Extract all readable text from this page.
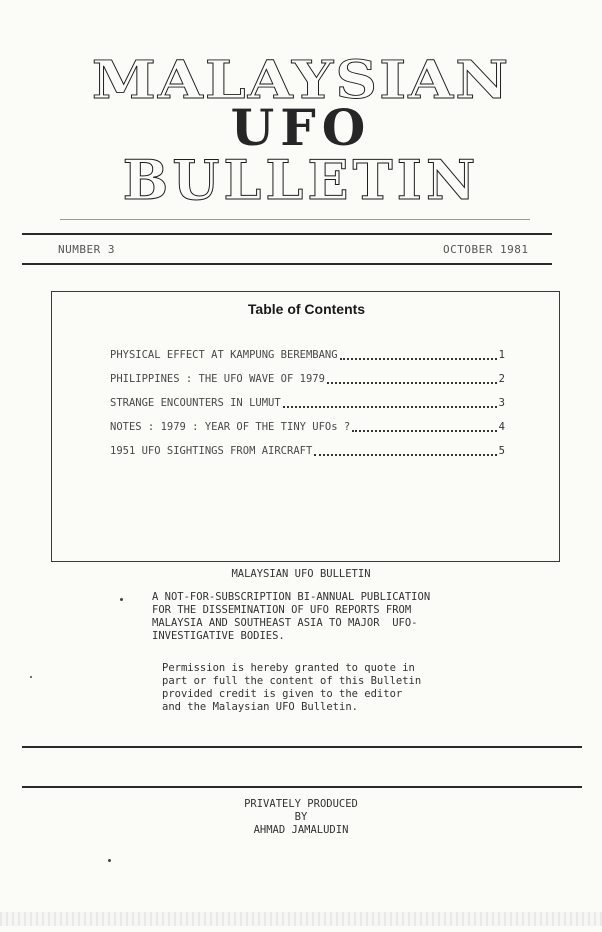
MALAYSIAN
UFO
BULLETIN
NUMBER 3	OCTOBER 1981
Table of Contents
PHYSICAL EFFECT AT KAMPUNG BEREMBANG	1
PHILIPPINES : THE UFO WAVE OF 1979	2
STRANGE ENCOUNTERS IN LUMUT	3
NOTES : 1979 : YEAR OF THE TINY UFOs ?	4
1951 UFO SIGHTINGS FROM AIRCRAFT	5
MALAYSIAN UFO BULLETIN
A NOT-FOR-SUBSCRIPTION BI-ANNUAL PUBLICATION
FOR THE DISSEMINATION OF UFO REPORTS FROM
MALAYSIA AND SOUTHEAST ASIA TO MAJOR  UFO-
INVESTIGATIVE BODIES.
Permission is hereby granted to quote in
part or full the content of this Bulletin
provided credit is given to the editor
and the Malaysian UFO Bulletin.
PRIVATELY PRODUCED
BY
AHMAD JAMALUDIN
